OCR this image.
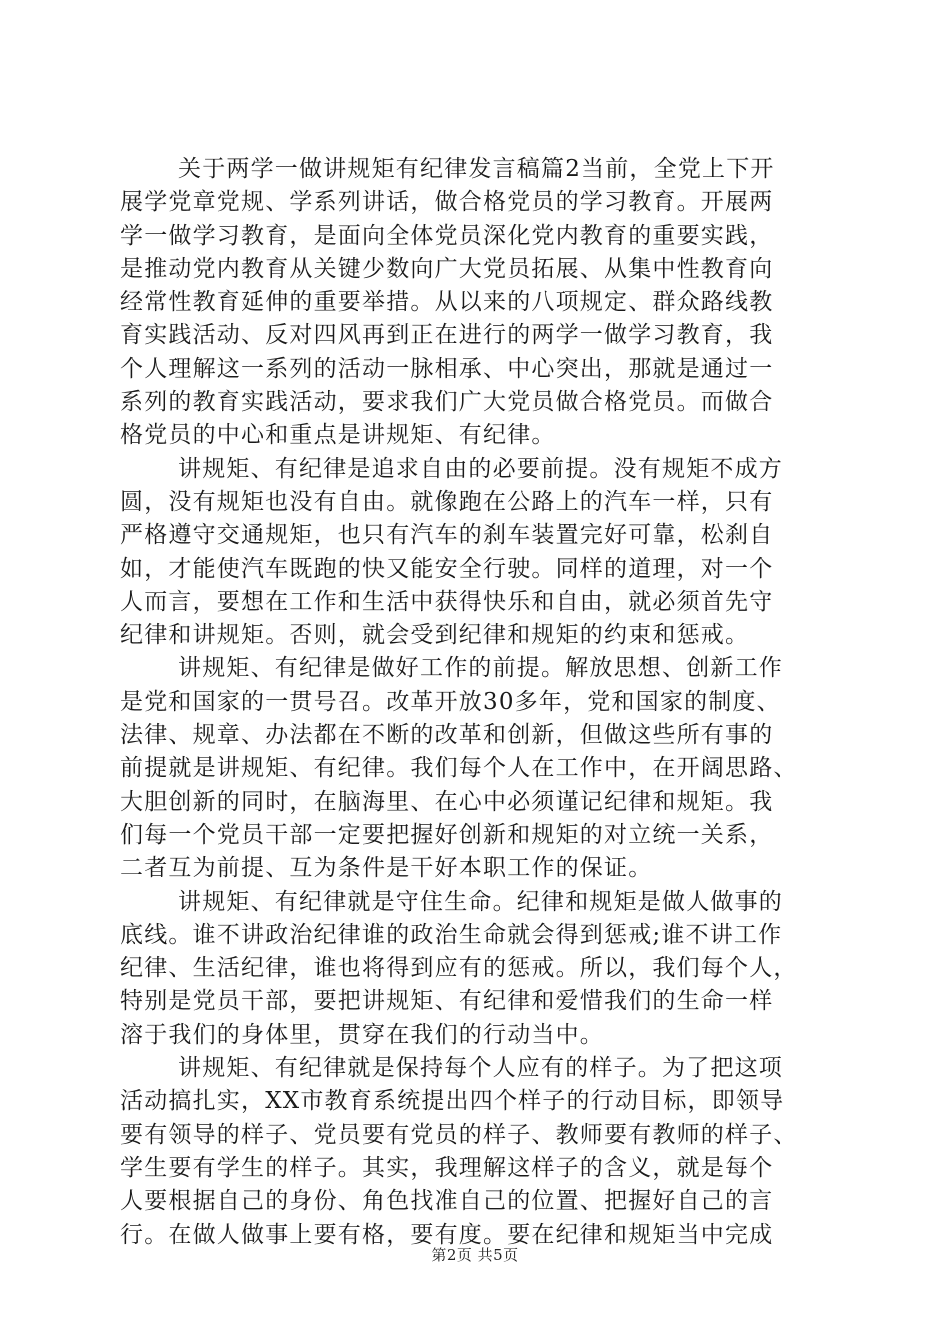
关于两学一做讲规矩有纪律发言稿篇2当前，全党上下开
展学党章党规、学系列讲话，做合格党员的学习教育。开展两
学一做学习教育，是面向全体党员深化党内教育的重要实践，
是推动党内教育从关键少数向广大党员拓展、从集中性教育向
经常性教育延伸的重要举措。从以来的八项规定、群众路线教
育实践活动、反对四风再到正在进行的两学一做学习教育，我
个人理解这一系列的活动一脉相承、中心突出，那就是通过一
系列的教育实践活动，要求我们广大党员做合格党员。而做合
格党员的中心和重点是讲规矩、有纪律。
讲规矩、有纪律是追求自由的必要前提。没有规矩不成方
圆，没有规矩也没有自由。就像跑在公路上的汽车一样，只有
严格遵守交通规矩，也只有汽车的刹车装置完好可靠，松刹自
如，才能使汽车既跑的快又能安全行驶。同样的道理，对一个
人而言，要想在工作和生活中获得快乐和自由，就必须首先守
纪律和讲规矩。否则，就会受到纪律和规矩的约束和惩戒。
讲规矩、有纪律是做好工作的前提。解放思想、创新工作
是党和国家的一贯号召。改革开放30多年，党和国家的制度、
法律、规章、办法都在不断的改革和创新，但做这些所有事的
前提就是讲规矩、有纪律。我们每个人在工作中，在开阔思路、
大胆创新的同时，在脑海里、在心中必须谨记纪律和规矩。我
们每一个党员干部一定要把握好创新和规矩的对立统一关系，
二者互为前提、互为条件是干好本职工作的保证。
讲规矩、有纪律就是守住生命。纪律和规矩是做人做事的
底线。谁不讲政治纪律谁的政治生命就会得到惩戒;谁不讲工作
纪律、生活纪律，谁也将得到应有的惩戒。所以，我们每个人，
特别是党员干部，要把讲规矩、有纪律和爱惜我们的生命一样
溶于我们的身体里，贯穿在我们的行动当中。
讲规矩、有纪律就是保持每个人应有的样子。为了把这项
活动搞扎实，XX市教育系统提出四个样子的行动目标，即领导
要有领导的样子、党员要有党员的样子、教师要有教师的样子、
学生要有学生的样子。其实，我理解这样子的含义，就是每个
人要根据自己的身份、角色找准自己的位置、把握好自己的言
行。在做人做事上要有格，要有度。要在纪律和规矩当中完成
第2页 共5页
